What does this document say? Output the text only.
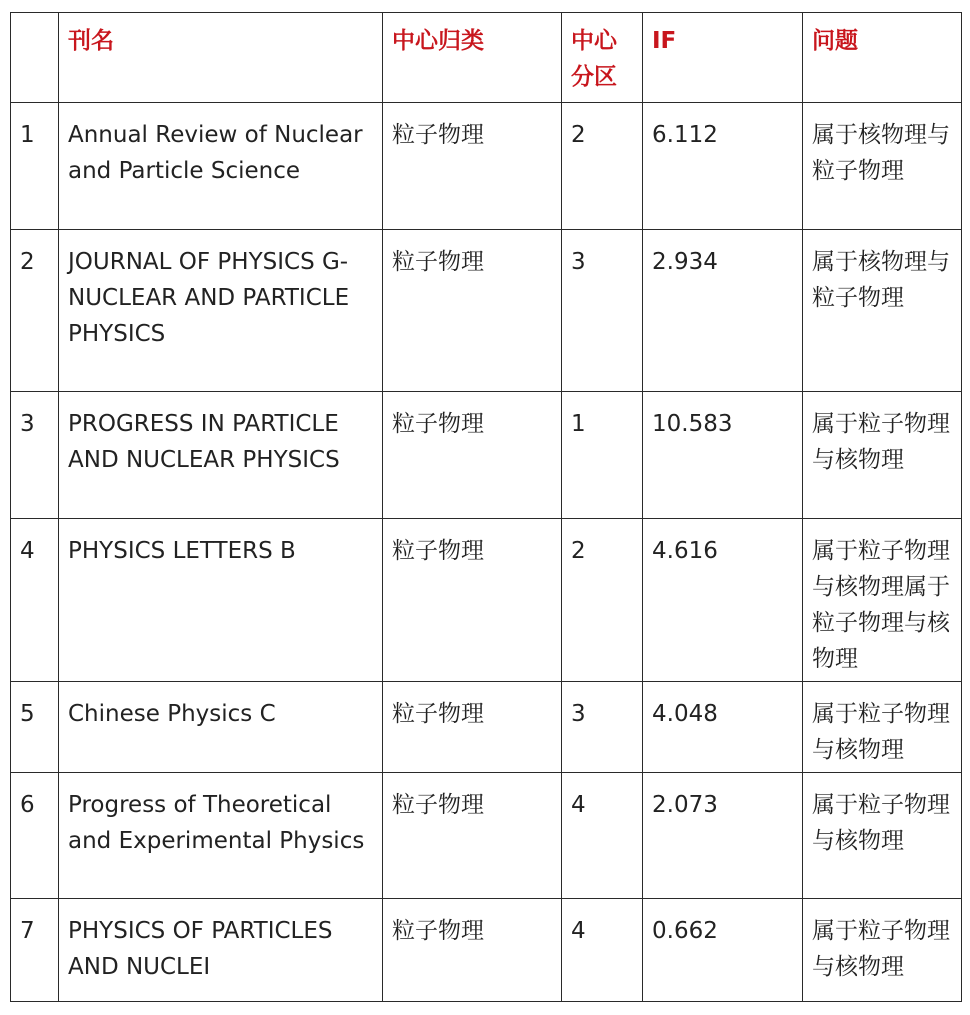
	刊名	中心归类	中心分区	IF	问题
1	Annual Review of Nuclear and Particle Science	粒子物理	2	6.112	属于核物理与粒子物理
2	JOURNAL OF PHYSICS G-NUCLEAR AND PARTICLE PHYSICS	粒子物理	3	2.934	属于核物理与粒子物理
3	PROGRESS IN PARTICLE AND NUCLEAR PHYSICS	粒子物理	1	10.583	属于粒子物理与核物理
4	PHYSICS LETTERS B	粒子物理	2	4.616	属于粒子物理与核物理属于粒子物理与核物理
5	Chinese Physics C	粒子物理	3	4.048	属于粒子物理与核物理
6	Progress of Theoretical and Experimental Physics	粒子物理	4	2.073	属于粒子物理与核物理
7	PHYSICS OF PARTICLES AND NUCLEI	粒子物理	4	0.662	属于粒子物理与核物理
